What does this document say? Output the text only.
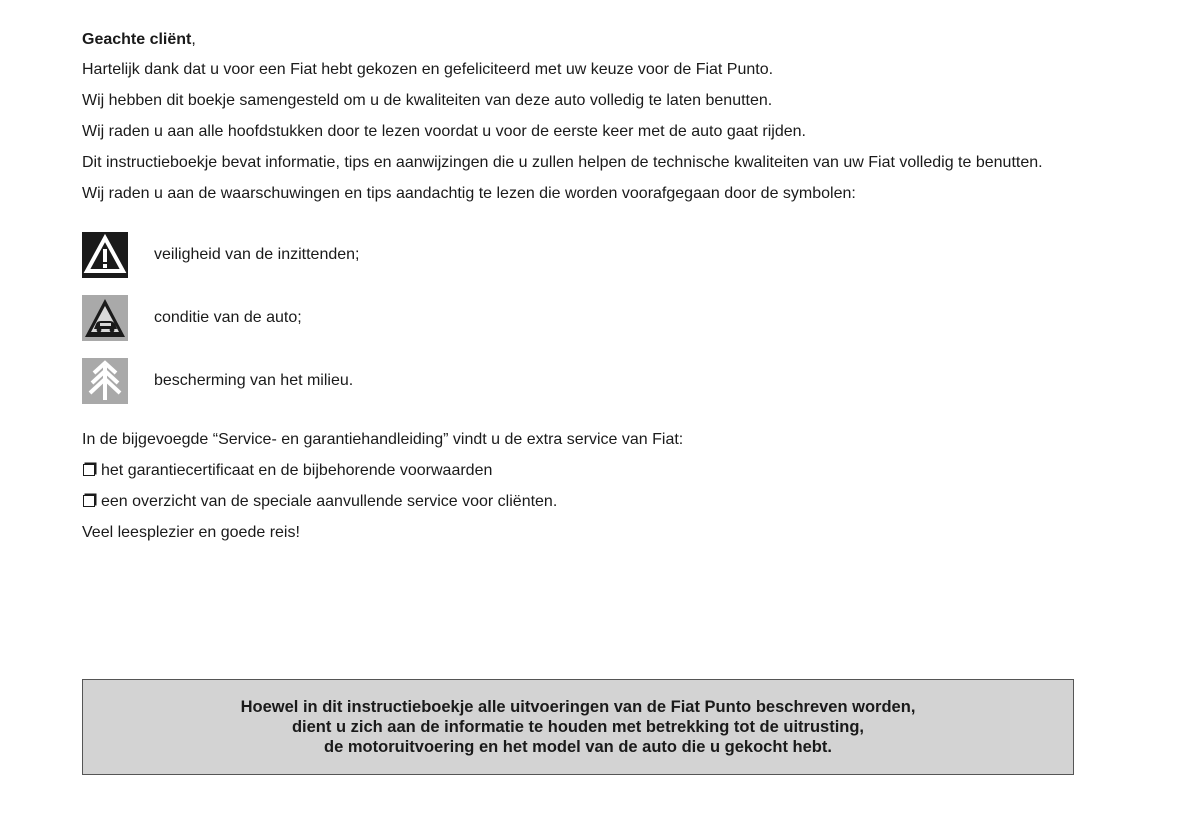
Geachte cliënt,

Hartelijk dank dat u voor een Fiat hebt gekozen en gefeliciteerd met uw keuze voor de Fiat Punto.

Wij hebben dit boekje samengesteld om u de kwaliteiten van deze auto volledig te laten benutten.

Wij raden u aan alle hoofdstukken door te lezen voordat u voor de eerste keer met de auto gaat rijden.

Dit instructieboekje bevat informatie, tips en aanwijzingen die u zullen helpen de technische kwaliteiten van uw Fiat volledig te benutten.

Wij raden u aan de waarschuwingen en tips aandachtig te lezen die worden voorafgegaan door de symbolen:

veiligheid van de inzittenden;
conditie van de auto;
bescherming van het milieu.

In de bijgevoegde “Service- en garantiehandleiding” vindt u de extra service van Fiat:

het garantiecertificaat en de bijbehorende voorwaarden
een overzicht van de speciale aanvullende service voor cliënten.

Veel leesplezier en goede reis!

Hoewel in dit instructieboekje alle uitvoeringen van de Fiat Punto beschreven worden,
dient u zich aan de informatie te houden met betrekking tot de uitrusting,
de motoruitvoering en het model van de auto die u gekocht hebt.
